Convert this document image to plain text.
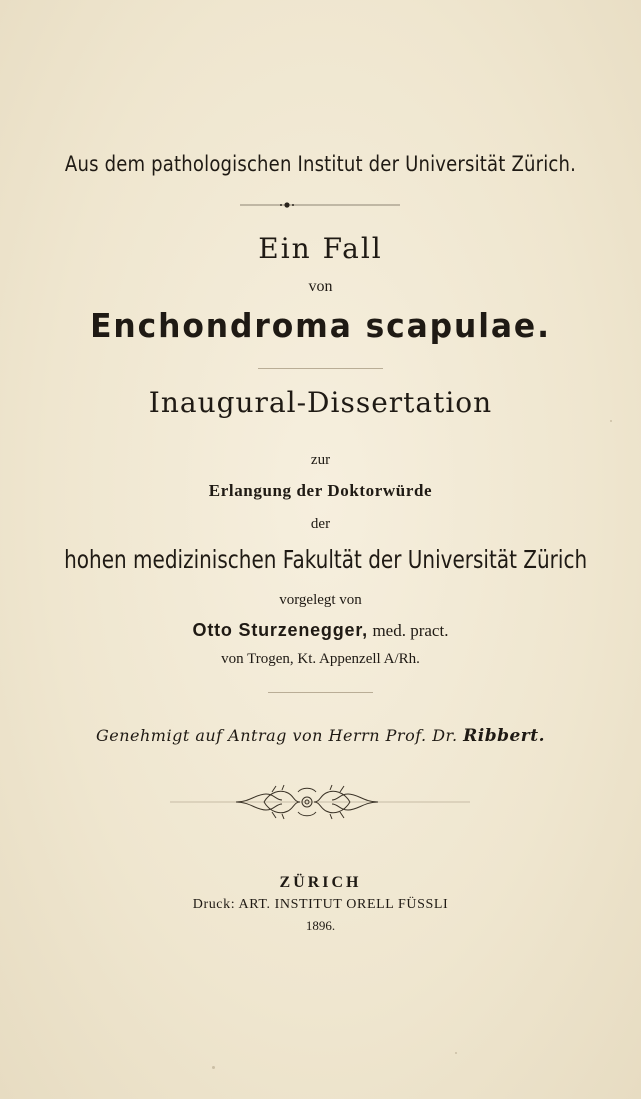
Aus dem pathologischen Institut der Universität Zürich.
Ein Fall
von
Enchondroma scapulae.
Inaugural-Dissertation
zur
Erlangung der Doktorwürde
der
hohen medizinischen Fakultät der Universität Zürich
vorgelegt von
Otto Sturzenegger, med. pract.
von Trogen, Kt. Appenzell A/Rh.
Genehmigt auf Antrag von Herrn Prof. Dr. Ribbert.
ZÜRICH
Druck: ART. INSTITUT ORELL FÜSSLI
1896.
